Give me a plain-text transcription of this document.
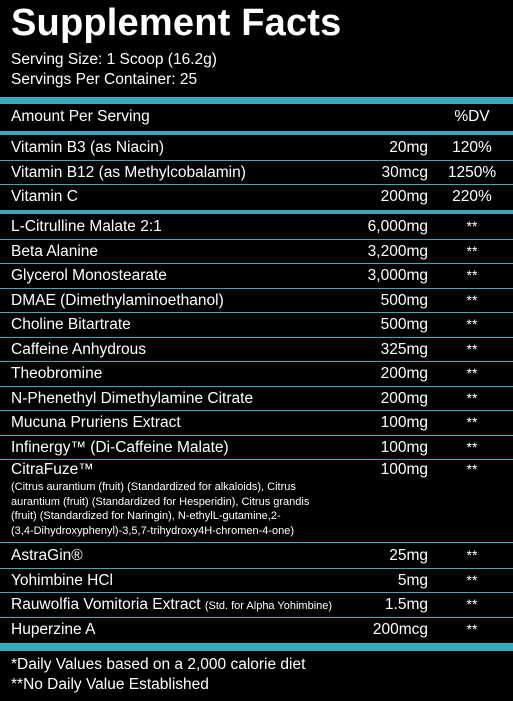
Supplement Facts
Serving Size: 1 Scoop (16.2g)
Servings Per Container: 25
Amount Per Serving	%DV
Vitamin B3 (as Niacin)	20mg	120%
Vitamin B12 (as Methylcobalamin)	30mcg 1250%
Vitamin C	200mg	220%
L-Citrulline Malate 2:1	6,000mg	**
Beta Alanine	3,200mg	**
Glycerol Monostearate	3,000mg	**
DMAE (Dimethylaminoethanol)	500mg	**
Choline Bitartrate	500mg	**
Caffeine Anhydrous	325mg	**
Theobromine	200mg	**
N-Phenethyl Dimethylamine Citrate	200mg	**
Mucuna Pruriens Extract	100mg	**
Infinergy™ (Di-Caffeine Malate)	100mg	**
CitraFuze™	100mg	**
(Citrus aurantium (fruit) (Standardized for alkaloids), Citrus
aurantium (fruit) (Standardized for Hesperidin), Citrus grandis
(fruit) (Standardized for Naringin), N-ethylL-gutamine,2-
(3,4-Dihydroxyphenyl)-3,5,7-trihydroxy4H-chromen-4-one)
AstraGin®	25mg	**
Yohimbine HCl	5mg	**
Rauwolfia Vomitoria Extract (Std. for Alpha Yohimbine)	1.5mg	**
Huperzine A	200mcg	**
*Daily Values based on a 2,000 calorie diet
**No Daily Value Established
